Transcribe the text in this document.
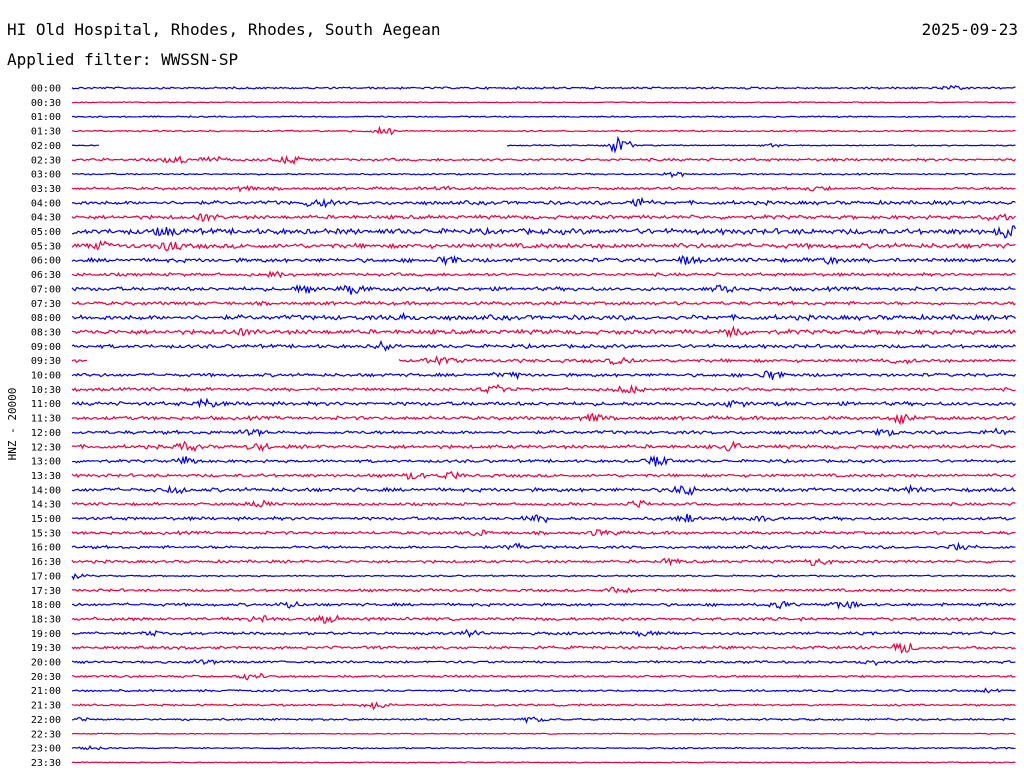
HI Old Hospital, Rhodes, Rhodes, South Aegean	2025-09-23
Applied filter: WWSSN-SP
HNZ - 20000
00:00
00:30
01:00
01:30
02:00
02:30
03:00
03:30
04:00
04:30
05:00
05:30
06:00
06:30
07:00
07:30
08:00
08:30
09:00
09:30
10:00
10:30
11:00
11:30
12:00
12:30
13:00
13:30
14:00
14:30
15:00
15:30
16:00
16:30
17:00
17:30
18:00
18:30
19:00
19:30
20:00
20:30
21:00
21:30
22:00
22:30
23:00
23:30
